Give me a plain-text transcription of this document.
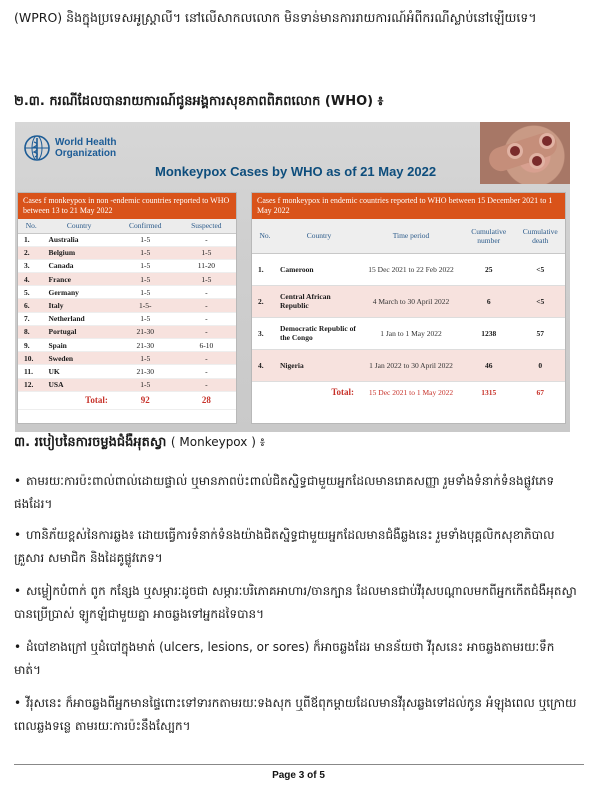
(WPRO) និងក្នុងប្រទេសអូស្ត្រាលី។ នៅលើសាកលលោក មិនទាន់មានការរាយការណ៍អំពីករណីស្លាប់នៅឡើយទេ។
២.៣. ករណីដែលបានរាយការណ៍ជូនអង្គការសុខភាពពិភពលោក (WHO) ៖
World Health
Organization
Monkeypox Cases by WHO as of 21 May 2022
Cases f monkeypox in non -endemic countries reported to WHO between 13 to 21 May 2022
No.	Country	Confirmed	Suspected
1.	Australia	1-5	-
2.	Belgium	1-5	1-5
3.	Canada	1-5	11-20
4.	France	1-5	1-5
5.	Germany	1-5	-
6.	Italy	1-5-	-
7.	Netherland	1-5	-
8.	Portugal	21-30	-
9.	Spain	21-30	6-10
10.	Sweden	1-5	-
11.	UK	21-30	-
12.	USA	1-5	-
	Total:	92	28
Cases f monkeypox in endemic countries reported to WHO between 15 December 2021 to 1 May 2022
No.	Country	Time period	Cumulative number	Cumulative death
1.	Cameroon	15 Dec 2021 to 22 Feb 2022	25	<5
2.	Central African Republic	4 March to 30 April 2022	6	<5
3.	Democratic Republic of the Congo	1 Jan to 1 May 2022	1238	57
4.	Nigeria	1 Jan 2022 to 30 April 2022	46	0
	Total:	15 Dec 2021 to 1 May 2022	1315	67
៣. របៀបនៃការចម្លងជំងឺអុតស្វា ( Monkeypox ) ៖
• តាមរយៈការប៉ះពាល់ពាល់ដោយផ្ទាល់ ឬមានភាពប៉ះពាល់ជិតស្និទ្ធជាមួយអ្នកដែលមានរោគសញ្ញា រួមទាំងទំនាក់ទំនងផ្លូវភេទផងដែរ។
• ហានិភ័យខ្ពស់នៃការឆ្លង៖ ដោយធ្វើការទំនាក់ទំនងយ៉ាងជិតស្និទ្ធជាមួយអ្នកដែលមានជំងឺឆ្លងនេះ រួមទាំងបុគ្គលិកសុខាភិបាល គ្រួសារ សមាជិក និងដៃគូផ្លូវភេទ។
• សម្លៀកបំពាក់ ពូក កន្សែង ឬសម្ភារៈដូចជា សម្ភារៈបរិភោគអាហារ/ចានក្បាន ដែលមានជាប់វីរុសបណ្តាលមកពីអ្នកកើតជំងឺអុតស្វាបានប្រើប្រាស់ ឡូកឡំជាមួយគ្នា អាចឆ្លងទៅអ្នកដទៃបាន។
• ដំបៅខាងក្រៅ ឬដំបៅក្នុងមាត់ (ulcers, lesions, or sores) ក៏អាចឆ្លងដែរ មានន័យថា វីរុសនេះ អាចឆ្លងតាមរយៈទឹកមាត់។
• វីរុសនេះ ក៏អាចឆ្លងពីអ្នកមានផ្ទៃពោះទៅទារកតាមរយៈទងសុក ឬពីឪពុកម្តាយដែលមានវីរុសឆ្លងទៅដល់កូន អំឡុងពេល ឬក្រោយពេលឆ្លងទន្លេ តាមរយៈការប៉ះនឹងស្បែក។
Page 3 of 5
